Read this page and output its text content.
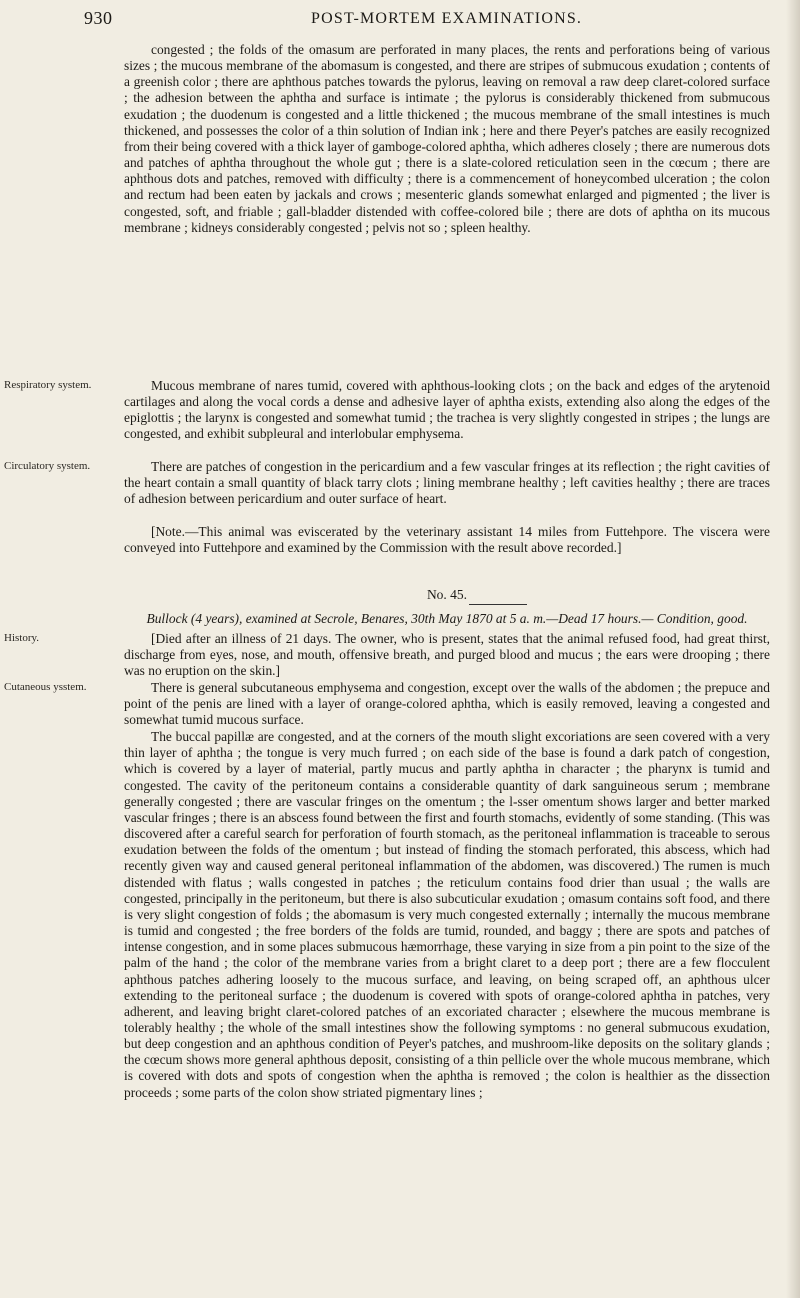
930	POST-MORTEM EXAMINATIONS.

congested ; the folds of the omasum are perforated in many places, the rents and perforations being of various sizes ; the mucous membrane of the abomasum is congested, and there are stripes of submucous exudation ; contents of a greenish color ; there are aphthous patches towards the pylorus, leaving on removal a raw deep claret-colored surface ; the adhesion between the aphtha and surface is intimate ; the pylorus is considerably thickened from submucous exudation ; the duodenum is congested and a little thickened ; the mucous membrane of the small intestines is much thickened, and possesses the color of a thin solution of Indian ink ; here and there Peyer's patches are easily recognized from their being covered with a thick layer of gamboge-colored aphtha, which adheres closely ; there are numerous dots and patches of aphtha throughout the whole gut ; there is a slate-colored reticulation seen in the cœcum ; there are aphthous dots and patches, removed with difficulty ; there is a commencement of honeycombed ulceration ; the colon and rectum had been eaten by jackals and crows ; mesenteric glands somewhat enlarged and pigmented ; the liver is congested, soft, and friable ; gall-bladder distended with coffee-colored bile ; there are dots of aphtha on its mucous membrane ; kidneys considerably congested ; pelvis not so ; spleen healthy.

Respiratory system.	Mucous membrane of nares tumid, covered with aphthous-looking clots ; on the back and edges of the arytenoid cartilages and along the vocal cords a dense and adhesive layer of aphtha exists, extending also along the edges of the epiglottis ; the larynx is congested and somewhat tumid ; the trachea is very slightly congested in stripes ; the lungs are congested, and exhibit subpleural and interlobular emphysema.

Circulatory system.	There are patches of congestion in the pericardium and a few vascular fringes at its reflection ; the right cavities of the heart contain a small quantity of black tarry clots ; lining membrane healthy ; left cavities healthy ; there are traces of adhesion between pericardium and outer surface of heart.

[Note.—This animal was eviscerated by the veterinary assistant 14 miles from Futtehpore. The viscera were conveyed into Futtehpore and examined by the Commission with the result above recorded.]

No. 45.
Bullock (4 years), examined at Secrole, Benares, 30th May 1870 at 5 a. m.—Dead 17 hours.— Condition, good.
History.	[Died after an illness of 21 days. The owner, who is present, states that the animal refused food, had great thirst, discharge from eyes, nose, and mouth, offensive breath, and purged blood and mucus ; the ears were drooping ; there was no eruption on the skin.]

Cutaneous ysstem.	There is general subcutaneous emphysema and congestion, except over the walls of the abdomen ; the prepuce and point of the penis are lined with a layer of orange-colored aphtha, which is easily removed, leaving a congested and somewhat tumid mucous surface.

The buccal papillæ are congested, and at the corners of the mouth slight excoriations are seen covered with a very thin layer of aphtha ; the tongue is very much furred ; on each side of the base is found a dark patch of congestion, which is covered by a layer of material, partly mucus and partly aphtha in character ; the pharynx is tumid and congested. The cavity of the peritoneum contains a considerable quantity of dark sanguineous serum ; membrane generally congested ; there are vascular fringes on the omentum ; the l-sser omentum shows larger and better marked vascular fringes ; there is an abscess found between the first and fourth stomachs, evidently of some standing. (This was discovered after a careful search for perforation of fourth stomach, as the peritoneal inflammation is traceable to serous exudation between the folds of the omentum ; but instead of finding the stomach perforated, this abscess, which had recently given way and caused general peritoneal inflammation of the abdomen, was discovered.) The rumen is much distended with flatus ; walls congested in patches ; the reticulum contains food drier than usual ; the walls are congested, principally in the peritoneum, but there is also subcuticular exudation ; omasum contains soft food, and there is very slight congestion of folds ; the abomasum is very much congested externally ; internally the mucous membrane is tumid and congested ; the free borders of the folds are tumid, rounded, and baggy ; there are spots and patches of intense congestion, and in some places submucous hæmorrhage, these varying in size from a pin point to the size of the palm of the hand ; the color of the membrane varies from a bright claret to a deep port ; there are a few flocculent aphthous patches adhering loosely to the mucous surface, and leaving, on being scraped off, an aphthous ulcer extending to the peritoneal surface ; the duodenum is covered with spots of orange-colored aphtha in patches, very adherent, and leaving bright claret-colored patches of an excoriated character ; elsewhere the mucous membrane is tolerably healthy ; the whole of the small intestines show the following symptoms : no general submucous exudation, but deep congestion and an aphthous condition of Peyer's patches, and mushroom-like deposits on the solitary glands ; the cœcum shows more general aphthous deposit, consisting of a thin pellicle over the whole mucous membrane, which is covered with dots and spots of congestion when the aphtha is removed ; the colon is healthier as the dissection proceeds ; some parts of the colon show striated pigmentary lines ;
